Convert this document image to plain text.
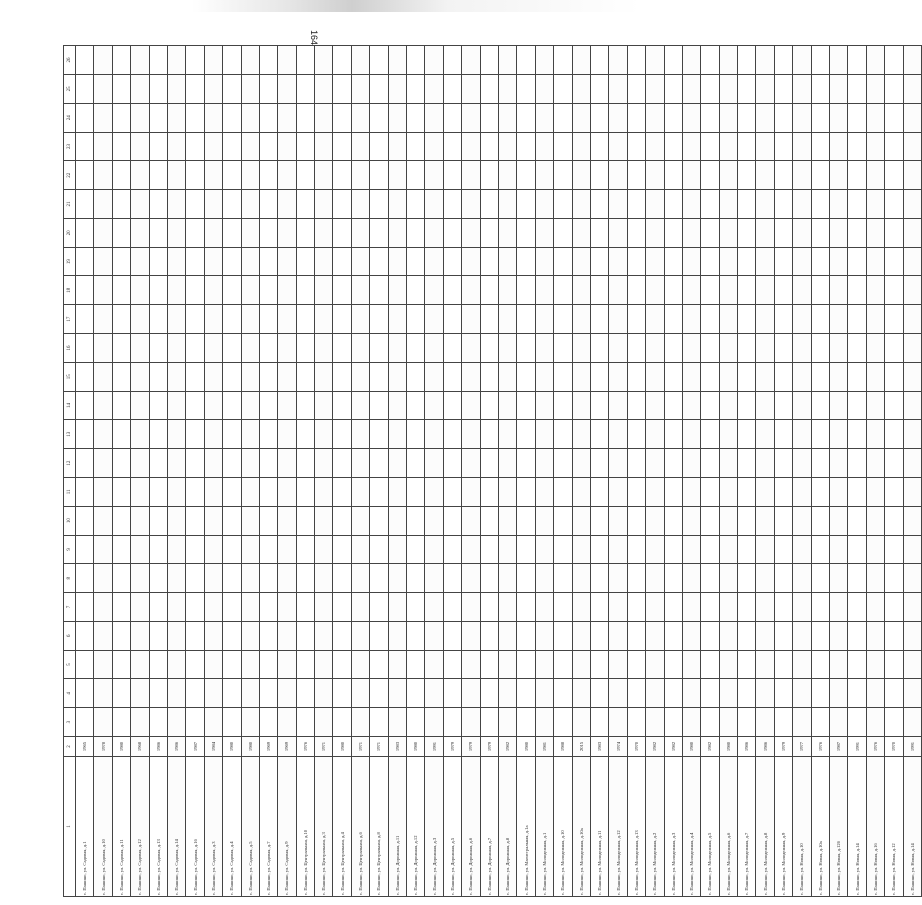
164
1	2	3	4	5	6	7	8	9	10	11	12	13	14	15	16	17	18	19	20	21	22	23	24	25	26
с. Пашино, ул. Садовая, д.1	1965																								
с. Пашино, ул. Садовая, д.10	1978																								
с. Пашино, ул. Садовая, д.11	1980																								
с. Пашино, ул. Садовая, д.12	1968																								
с. Пашино, ул. Садовая, д.13	1986																								
с. Пашино, ул. Садовая, д.14	1986																								
с. Пашино, ул. Садовая, д.16	1987																								
с. Пашино, ул. Садовая, д.3	1984																								
с. Пашино, ул. Садовая, д.4	1980																								
с. Пашино, ул. Садовая, д.5	1980																								
с. Пашино, ул. Садовая, д.7	1969																								
с. Пашино, ул. Садовая, д.9	1969																								
с. Пашино, ул. Центральная, д.10	1976																								
с. Пашино, ул. Центральная, д.3	1971																								
с. Пашино, ул. Центральная, д.4	1980																								
с. Пашино, ул. Центральная, д.6	1971																								
с. Пашино, ул. Центральная, д.8	1971																								
с. Пашино, ул. Дорожная, д.11	1983																								
с. Пашино, ул. Дорожная, д.12	1980																								
с. Пашино, ул. Дорожная, д.3	1991																								
с. Пашино, ул. Дорожная, д.5	1979																								
с. Пашино, ул. Дорожная, д.6	1979																								
с. Пашино, ул. Дорожная, д.7	1979																								
с. Пашино, ул. Дорожная, д.8	1982																								
с. Пашино, ул. Магистральная, д.1а	1980																								
с. Пашино, ул. Молодежная, д.1	1981																								
с. Пашино, ул. Молодежная, д.10	1988																								
с. Пашино, ул. Молодежная, д.10а	2015																								
с. Пашино, ул. Молодежная, д.11	1983																								
с. Пашино, ул. Молодежная, д.12	1974																								
с. Пашино, ул. Молодежная, д.13	1970																								
с. Пашино, ул. Молодежная, д.2	1982																								
с. Пашино, ул. Молодежная, д.3	1982																								
с. Пашино, ул. Молодежная, д.4	1980																								
с. Пашино, ул. Молодежная, д.5	1982																								
с. Пашино, ул. Молодежная, д.6	1980																								
с. Пашино, ул. Молодежная, д.7	1986																								
с. Пашино, ул. Молодежная, д.8	1986																								
с. Пашино, ул. Молодежная, д.9	1979																								
с. Пашино, ул. Новая, д.10	1977																								
с. Пашино, ул. Новая, д.10а	1976																								
с. Пашино, ул. Новая, д.12б	1987																								
с. Пашино, ул. Новая, д.14	1991																								
с. Пашино, ул. Новая, д.16	1976																								
с. Пашино, ул. Новая, д.12	1970																								
с. Пашино, ул. Новая, д.14	1991																								
